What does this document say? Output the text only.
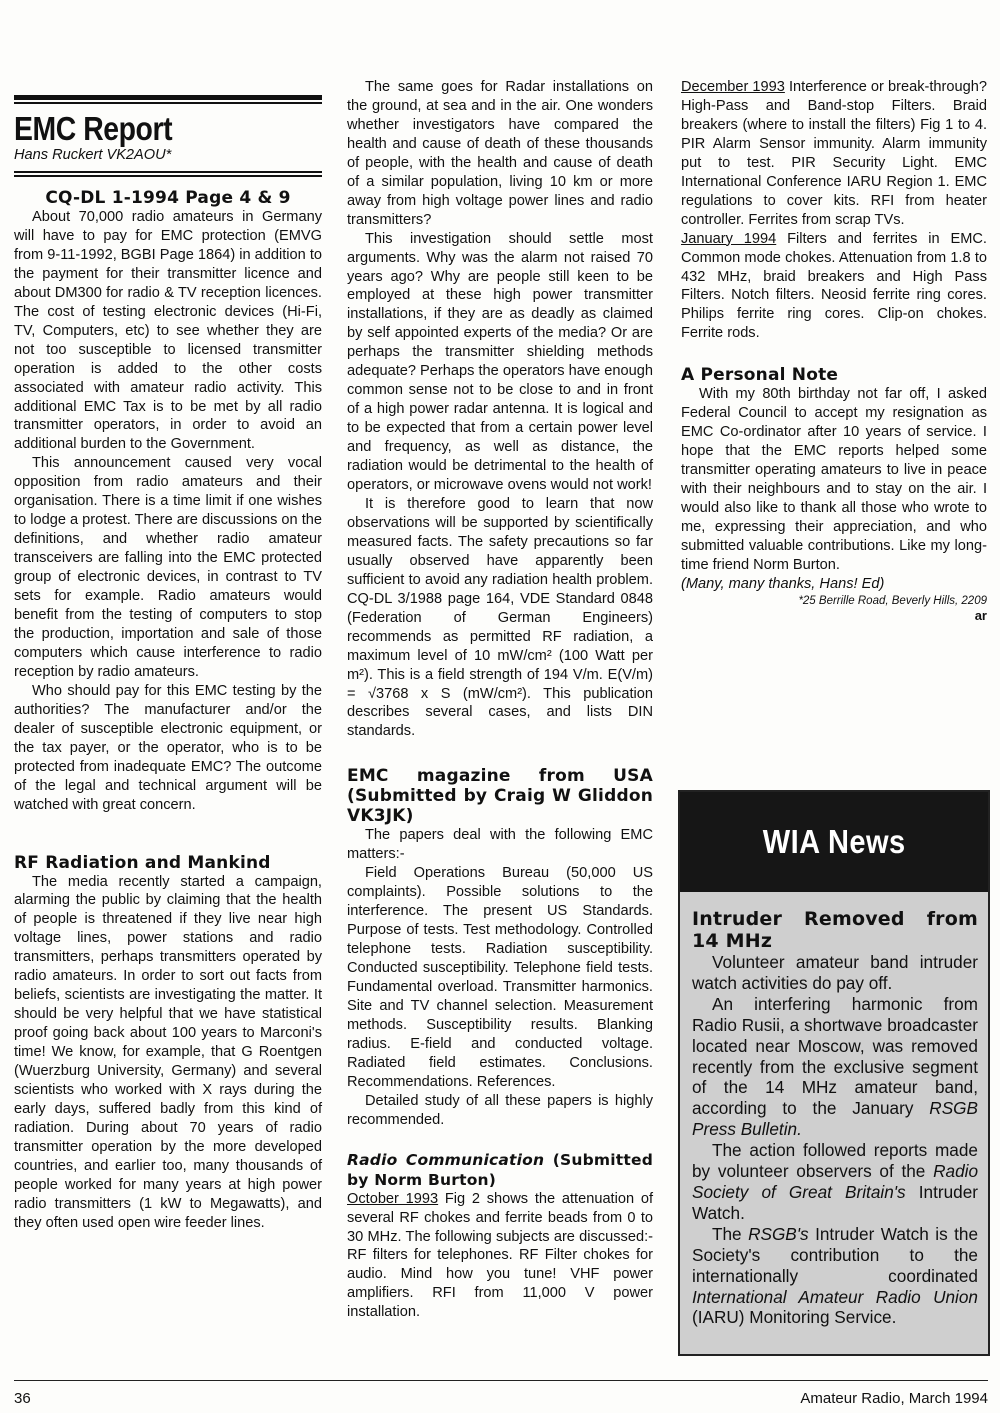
EMC Report
Hans Ruckert VK2AOU*
CQ-DL 1-1994 Page 4 & 9

About 70,000 radio amateurs in Germany will have to pay for EMC protection (EMVG from 9-11-1992, BGBI Page 1864) in addition to the payment for their transmitter licence and about DM300 for radio & TV reception licences. The cost of testing electronic devices (Hi-Fi, TV, Computers, etc) to see whether they are not too susceptible to licensed transmitter operation is added to the other costs associated with amateur radio activity. This additional EMC Tax is to be met by all radio transmitter operators, in order to avoid an additional burden to the Government.

This announcement caused very vocal opposition from radio amateurs and their organisation. There is a time limit if one wishes to lodge a protest. There are discussions on the definitions, and whether radio amateur transceivers are falling into the EMC protected group of electronic devices, in contrast to TV sets for example. Radio amateurs would benefit from the testing of computers to stop the production, importation and sale of those computers which cause interference to radio reception by radio amateurs.

Who should pay for this EMC testing by the authorities? The manufacturer and/or the dealer of susceptible electronic equipment, or the tax payer, or the operator, who is to be protected from inadequate EMC? The outcome of the legal and technical argument will be watched with great concern.

RF Radiation and Mankind

The media recently started a campaign, alarming the public by claiming that the health of people is threatened if they live near high voltage lines, power stations and radio transmitters, perhaps transmitters operated by radio amateurs. In order to sort out facts from beliefs, scientists are investigating the matter. It should be very helpful that we have statistical proof going back about 100 years to Marconi's time! We know, for example, that G Roentgen (Wuerzburg University, Germany) and several scientists who worked with X rays during the early days, suffered badly from this kind of radiation. During about 70 years of radio transmitter operation by the more developed countries, and earlier too, many thousands of people worked for many years at high power radio transmitters (1 kW to Megawatts), and they often used open wire feeder lines.

The same goes for Radar installations on the ground, at sea and in the air. One wonders whether investigators have compared the health and cause of death of these thousands of people, with the health and cause of death of a similar population, living 10 km or more away from high voltage power lines and radio transmitters?

This investigation should settle most arguments. Why was the alarm not raised 70 years ago? Why are people still keen to be employed at these high power transmitter installations, if they are as deadly as claimed by self appointed experts of the media? Or are perhaps the transmitter shielding methods adequate? Perhaps the operators have enough common sense not to be close to and in front of a high power radar antenna. It is logical and to be expected that from a certain power level and frequency, as well as distance, the radiation would be detrimental to the health of operators, or microwave ovens would not work!

It is therefore good to learn that now observations will be supported by scientifically measured facts. The safety precautions so far usually observed have apparently been sufficient to avoid any radiation health problem. CQ-DL 3/1988 page 164, VDE Standard 0848 (Federation of German Engineers) recommends as permitted RF radiation, a maximum level of 10 mW/cm² (100 Watt per m²). This is a field strength of 194 V/m. E(V/m) = √3768 x S (mW/cm²). This publication describes several cases, and lists DIN standards.

EMC magazine from USA (Submitted by Craig W Gliddon VK3JK)

The papers deal with the following EMC matters:-

Field Operations Bureau (50,000 US complaints). Possible solutions to the interference. The present US Standards. Purpose of tests. Test methodology. Controlled telephone tests. Radiation susceptibility. Conducted susceptibility. Telephone field tests. Fundamental overload. Transmitter harmonics. Site and TV channel selection. Measurement methods. Susceptibility results. Blanking radius. E-field and conducted voltage. Radiated field estimates. Conclusions. Recommendations. References.

Detailed study of all these papers is highly recommended.

Radio Communication (Submitted by Norm Burton)

October 1993 Fig 2 shows the attenuation of several RF chokes and ferrite beads from 0 to 30 MHz. The following subjects are discussed:- RF filters for telephones. RF Filter chokes for audio. Mind how you tune! VHF power amplifiers. RFI from 11,000 V power installation.

December 1993 Interference or break-through? High-Pass and Band-stop Filters. Braid breakers (where to install the filters) Fig 1 to 4. PIR Alarm Sensor immunity. Alarm immunity put to test. PIR Security Light. EMC International Conference IARU Region 1. EMC regulations to cover kits. RFI from heater controller. Ferrites from scrap TVs.

January 1994 Filters and ferrites in EMC. Common mode chokes. Attenuation from 1.8 to 432 MHz, braid breakers and High Pass Filters. Notch filters. Neosid ferrite ring cores. Philips ferrite ring cores. Clip-on chokes. Ferrite rods.

A Personal Note

With my 80th birthday not far off, I asked Federal Council to accept my resignation as EMC Co-ordinator after 10 years of service. I hope that the EMC reports helped some transmitter operating amateurs to live in peace with their neighbours and to stay on the air. I would also like to thank all those who wrote to me, expressing their appreciation, and who submitted valuable contributions. Like my long-time friend Norm Burton.

(Many, many thanks, Hans! Ed)

*25 Berrille Road, Beverly Hills, 2209
ar
WIA News
Intruder Removed from 14 MHz

Volunteer amateur band intruder watch activities do pay off.

An interfering harmonic from Radio Rusii, a shortwave broadcaster located near Moscow, was removed recently from the exclusive segment of the 14 MHz amateur band, according to the January RSGB Press Bulletin.

The action followed reports made by volunteer observers of the Radio Society of Great Britain's Intruder Watch.

The RSGB's Intruder Watch is the Society's contribution to the internationally coordinated International Amateur Radio Union (IARU) Monitoring Service.

36	Amateur Radio, March 1994
